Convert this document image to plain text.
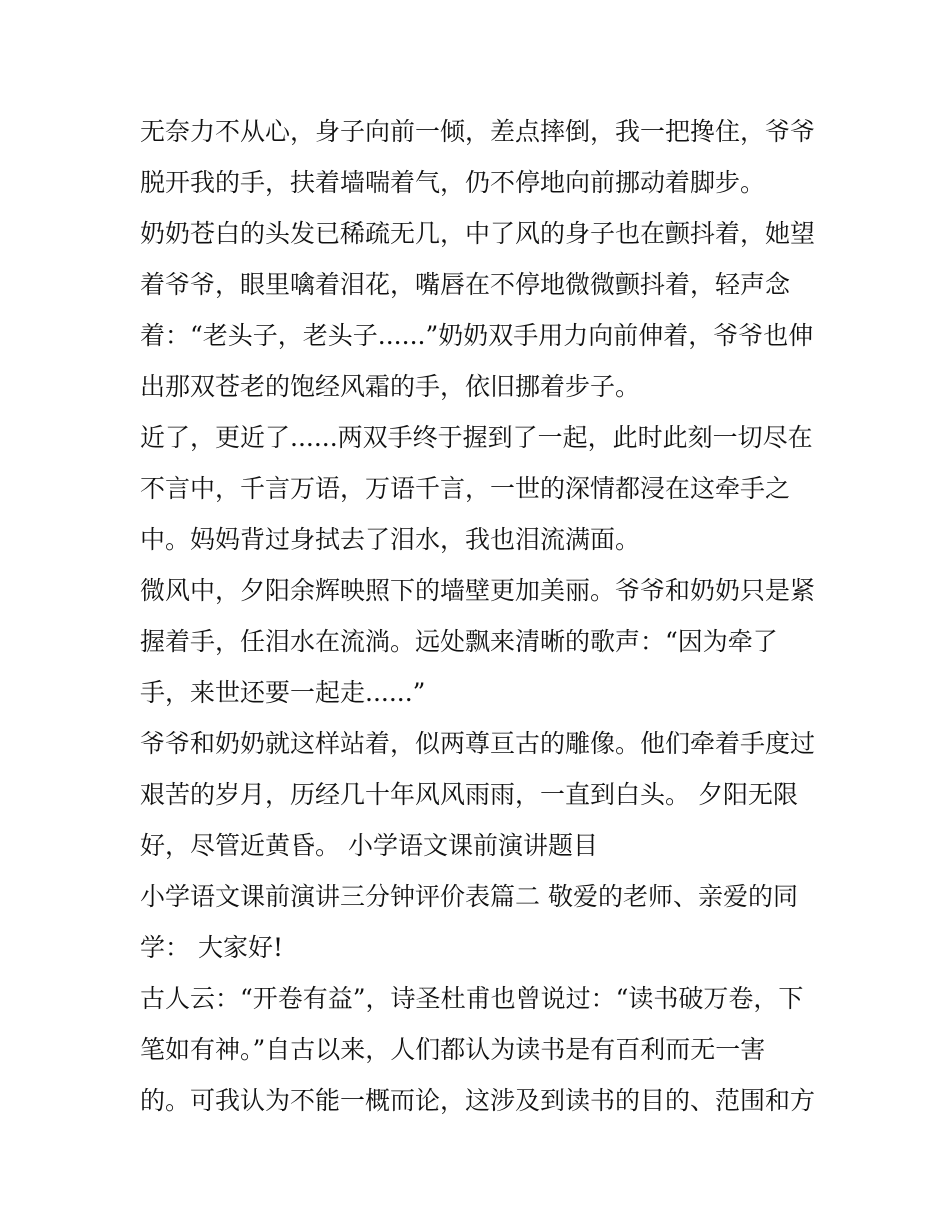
无奈力不从心，身子向前一倾，差点摔倒，我一把搀住，爷爷
脱开我的手，扶着墙喘着气，仍不停地向前挪动着脚步。
奶奶苍白的头发已稀疏无几，中了风的身子也在颤抖着，她望
着爷爷，眼里噙着泪花，嘴唇在不停地微微颤抖着，轻声念
着：“老头子，老头子......”奶奶双手用力向前伸着，爷爷也伸
出那双苍老的饱经风霜的手，依旧挪着步子。
近了，更近了......两双手终于握到了一起，此时此刻一切尽在
不言中，千言万语，万语千言，一世的深情都浸在这牵手之
中。妈妈背过身拭去了泪水，我也泪流满面。
微风中，夕阳余辉映照下的墙壁更加美丽。爷爷和奶奶只是紧
握着手，任泪水在流淌。远处飘来清晰的歌声：“因为牵了
手，来世还要一起走......”
爷爷和奶奶就这样站着，似两尊亘古的雕像。他们牵着手度过
艰苦的岁月，历经几十年风风雨雨，一直到白头。 夕阳无限
好，尽管近黄昏。 小学语文课前演讲题目
小学语文课前演讲三分钟评价表篇二 敬爱的老师、亲爱的同
学： 大家好!
古人云：“开卷有益”，诗圣杜甫也曾说过：“读书破万卷，下
笔如有神。”自古以来，人们都认为读书是有百利而无一害
的。可我认为不能一概而论，这涉及到读书的目的、范围和方
